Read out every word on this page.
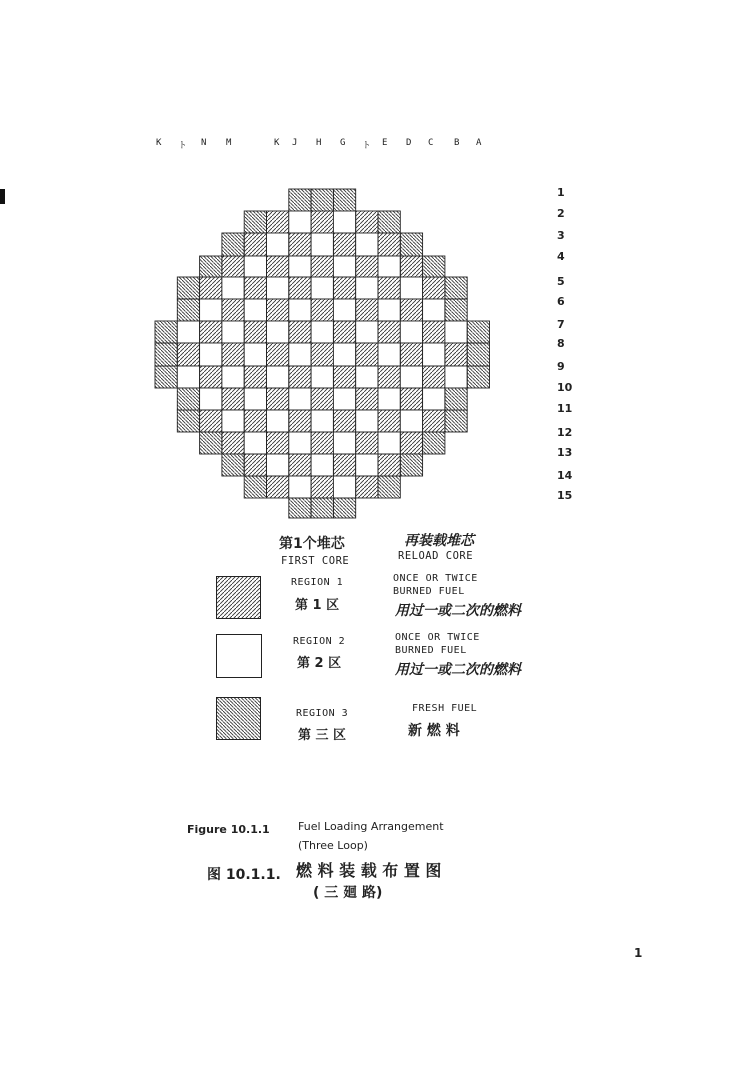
K ト N M	K J H G ト E D C B A
1
2
3
4
5
6
7
8
9
10
11
12
13
14
15
第1个堆芯
FIRST CORE
再装载堆芯
RELOAD CORE
REGION 1
第 1 区
ONCE OR TWICE
BURNED FUEL
用过一或二次的燃料
REGION 2
第 2 区
ONCE OR TWICE
BURNED FUEL
用过一或二次的燃料
REGION 3
第 三 区
FRESH FUEL
新 燃 料
Figure 10.1.1	Fuel Loading Arrangement
(Three Loop)
图 10.1.1. 燃 料 装 载 布 置 图
( 三 廻 路)
1
